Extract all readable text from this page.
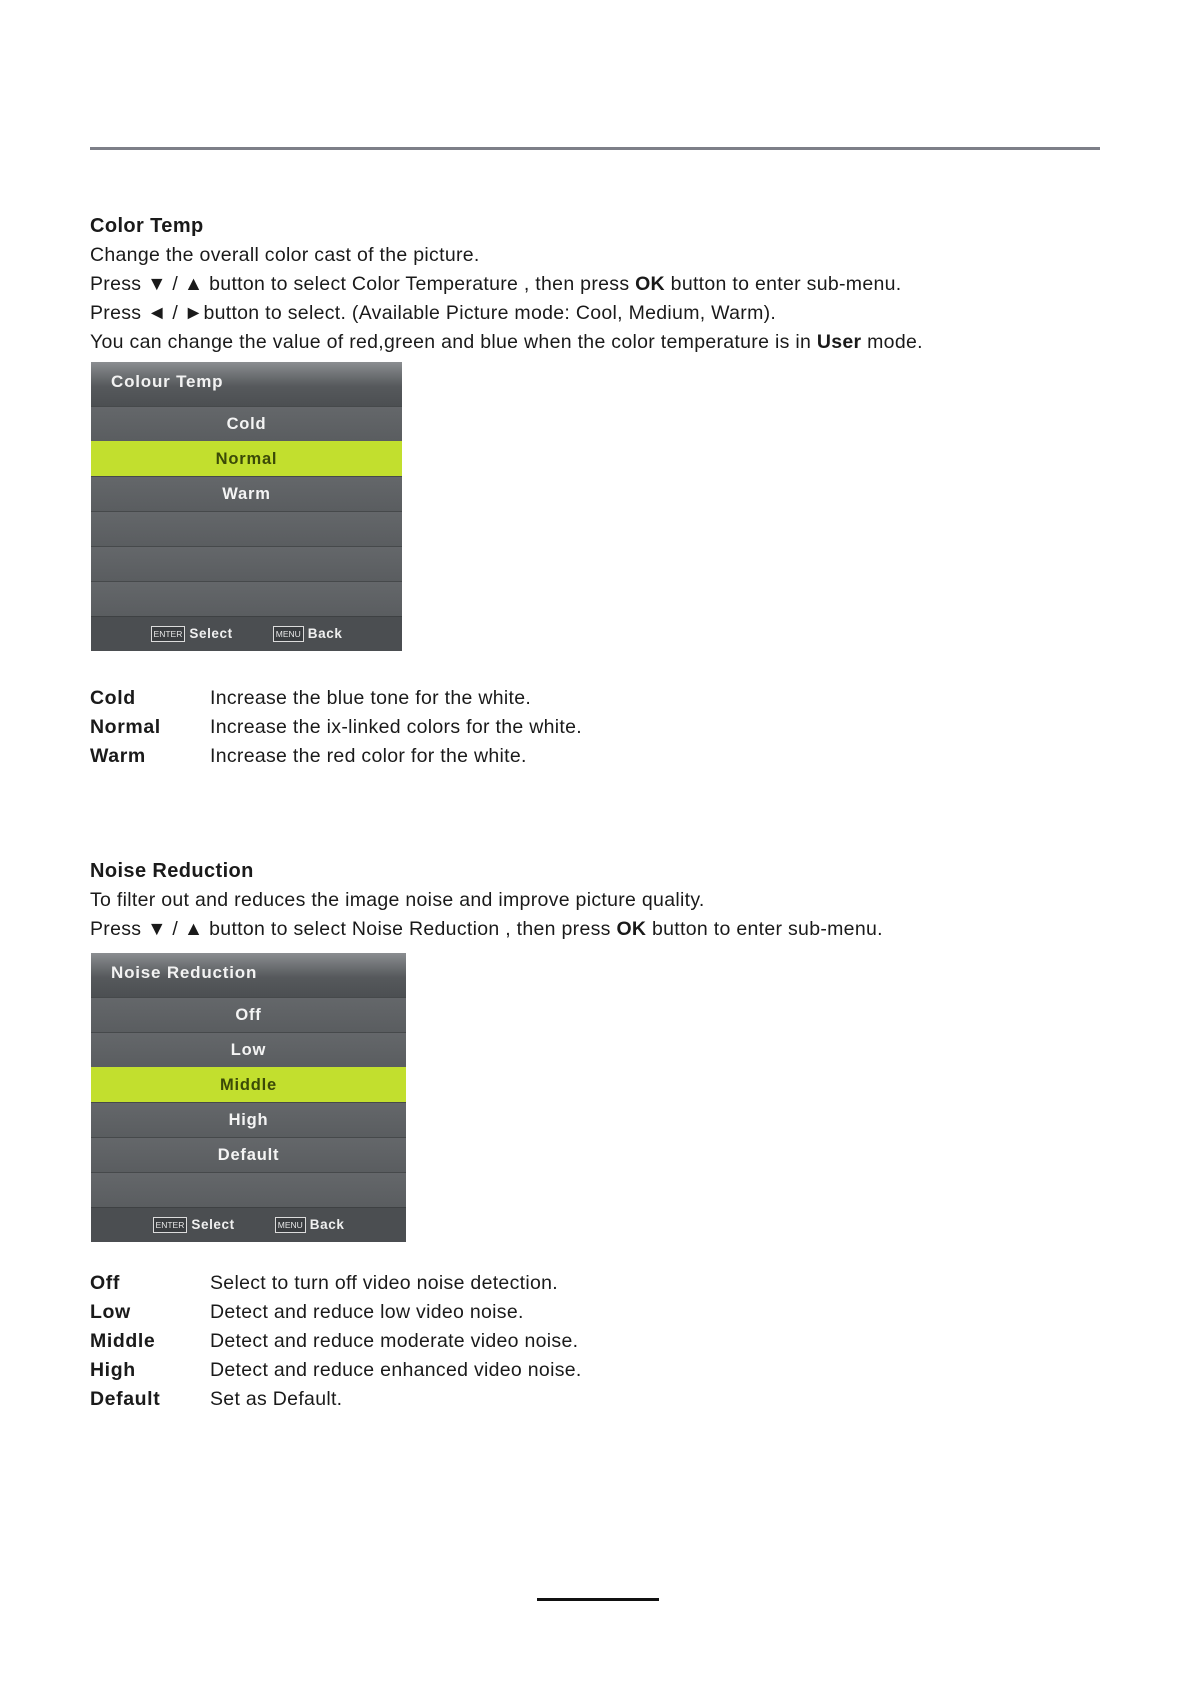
Color Temp

Change the overall color cast of the picture.

Press ▼ / ▲ button to select Color Temperature , then press OK button to enter sub-menu.

Press ◄ / ►button to select. (Available Picture mode: Cool, Medium, Warm).

You can change the value of red,green and blue when the color temperature is in User mode.

Colour Temp
Cold
Normal
Warm
ENTER Select	MENU Back
Cold	Increase the blue tone for the white.
Normal	Increase the ix-linked colors for the white.
Warm	Increase the red color for the white.

Noise Reduction

To filter out and reduces the image noise and improve picture quality.

Press ▼ / ▲ button to select Noise Reduction , then press OK button to enter sub-menu.

Noise Reduction
Off
Low
Middle
High
Default
ENTER Select	MENU Back
Off	Select to turn off video noise detection.
Low	Detect and reduce low video noise.
Middle	Detect and reduce moderate video noise.
High	Detect and reduce enhanced video noise.
Default	Set as Default.
